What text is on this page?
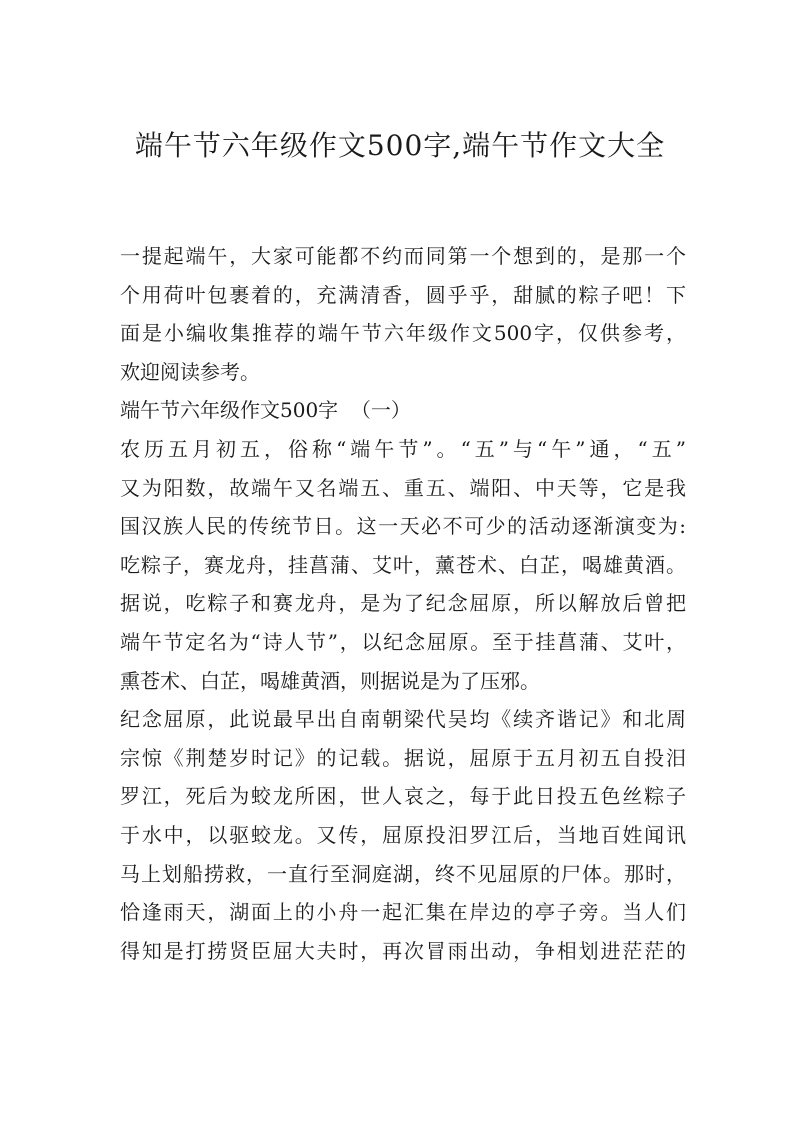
端午节六年级作文500字,端午节作文大全
一提起端午，大家可能都不约而同第一个想到的，是那一个
个用荷叶包裹着的，充满清香，圆乎乎，甜腻的粽子吧！下
面是小编收集推荐的端午节六年级作文500字，仅供参考，
欢迎阅读参考。
端午节六年级作文500字  （一）
农历五月初五，俗称“端午节”。“五”与“午”通，“五”
又为阳数，故端午又名端五、重五、端阳、中天等，它是我
国汉族人民的传统节日。这一天必不可少的活动逐渐演变为:
吃粽子，赛龙舟，挂菖蒲、艾叶，薰苍术、白芷，喝雄黄酒。
据说，吃粽子和赛龙舟，是为了纪念屈原，所以解放后曾把
端午节定名为“诗人节”，以纪念屈原。至于挂菖蒲、艾叶，
熏苍术、白芷，喝雄黄酒，则据说是为了压邪。
纪念屈原，此说最早出自南朝梁代吴均《续齐谐记》和北周
宗惊《荆楚岁时记》的记载。据说，屈原于五月初五自投汨
罗江，死后为蛟龙所困，世人哀之，每于此日投五色丝粽子
于水中，以驱蛟龙。又传，屈原投汨罗江后，当地百姓闻讯
马上划船捞救，一直行至洞庭湖，终不见屈原的尸体。那时，
恰逢雨天，湖面上的小舟一起汇集在岸边的亭子旁。当人们
得知是打捞贤臣屈大夫时，再次冒雨出动，争相划进茫茫的
